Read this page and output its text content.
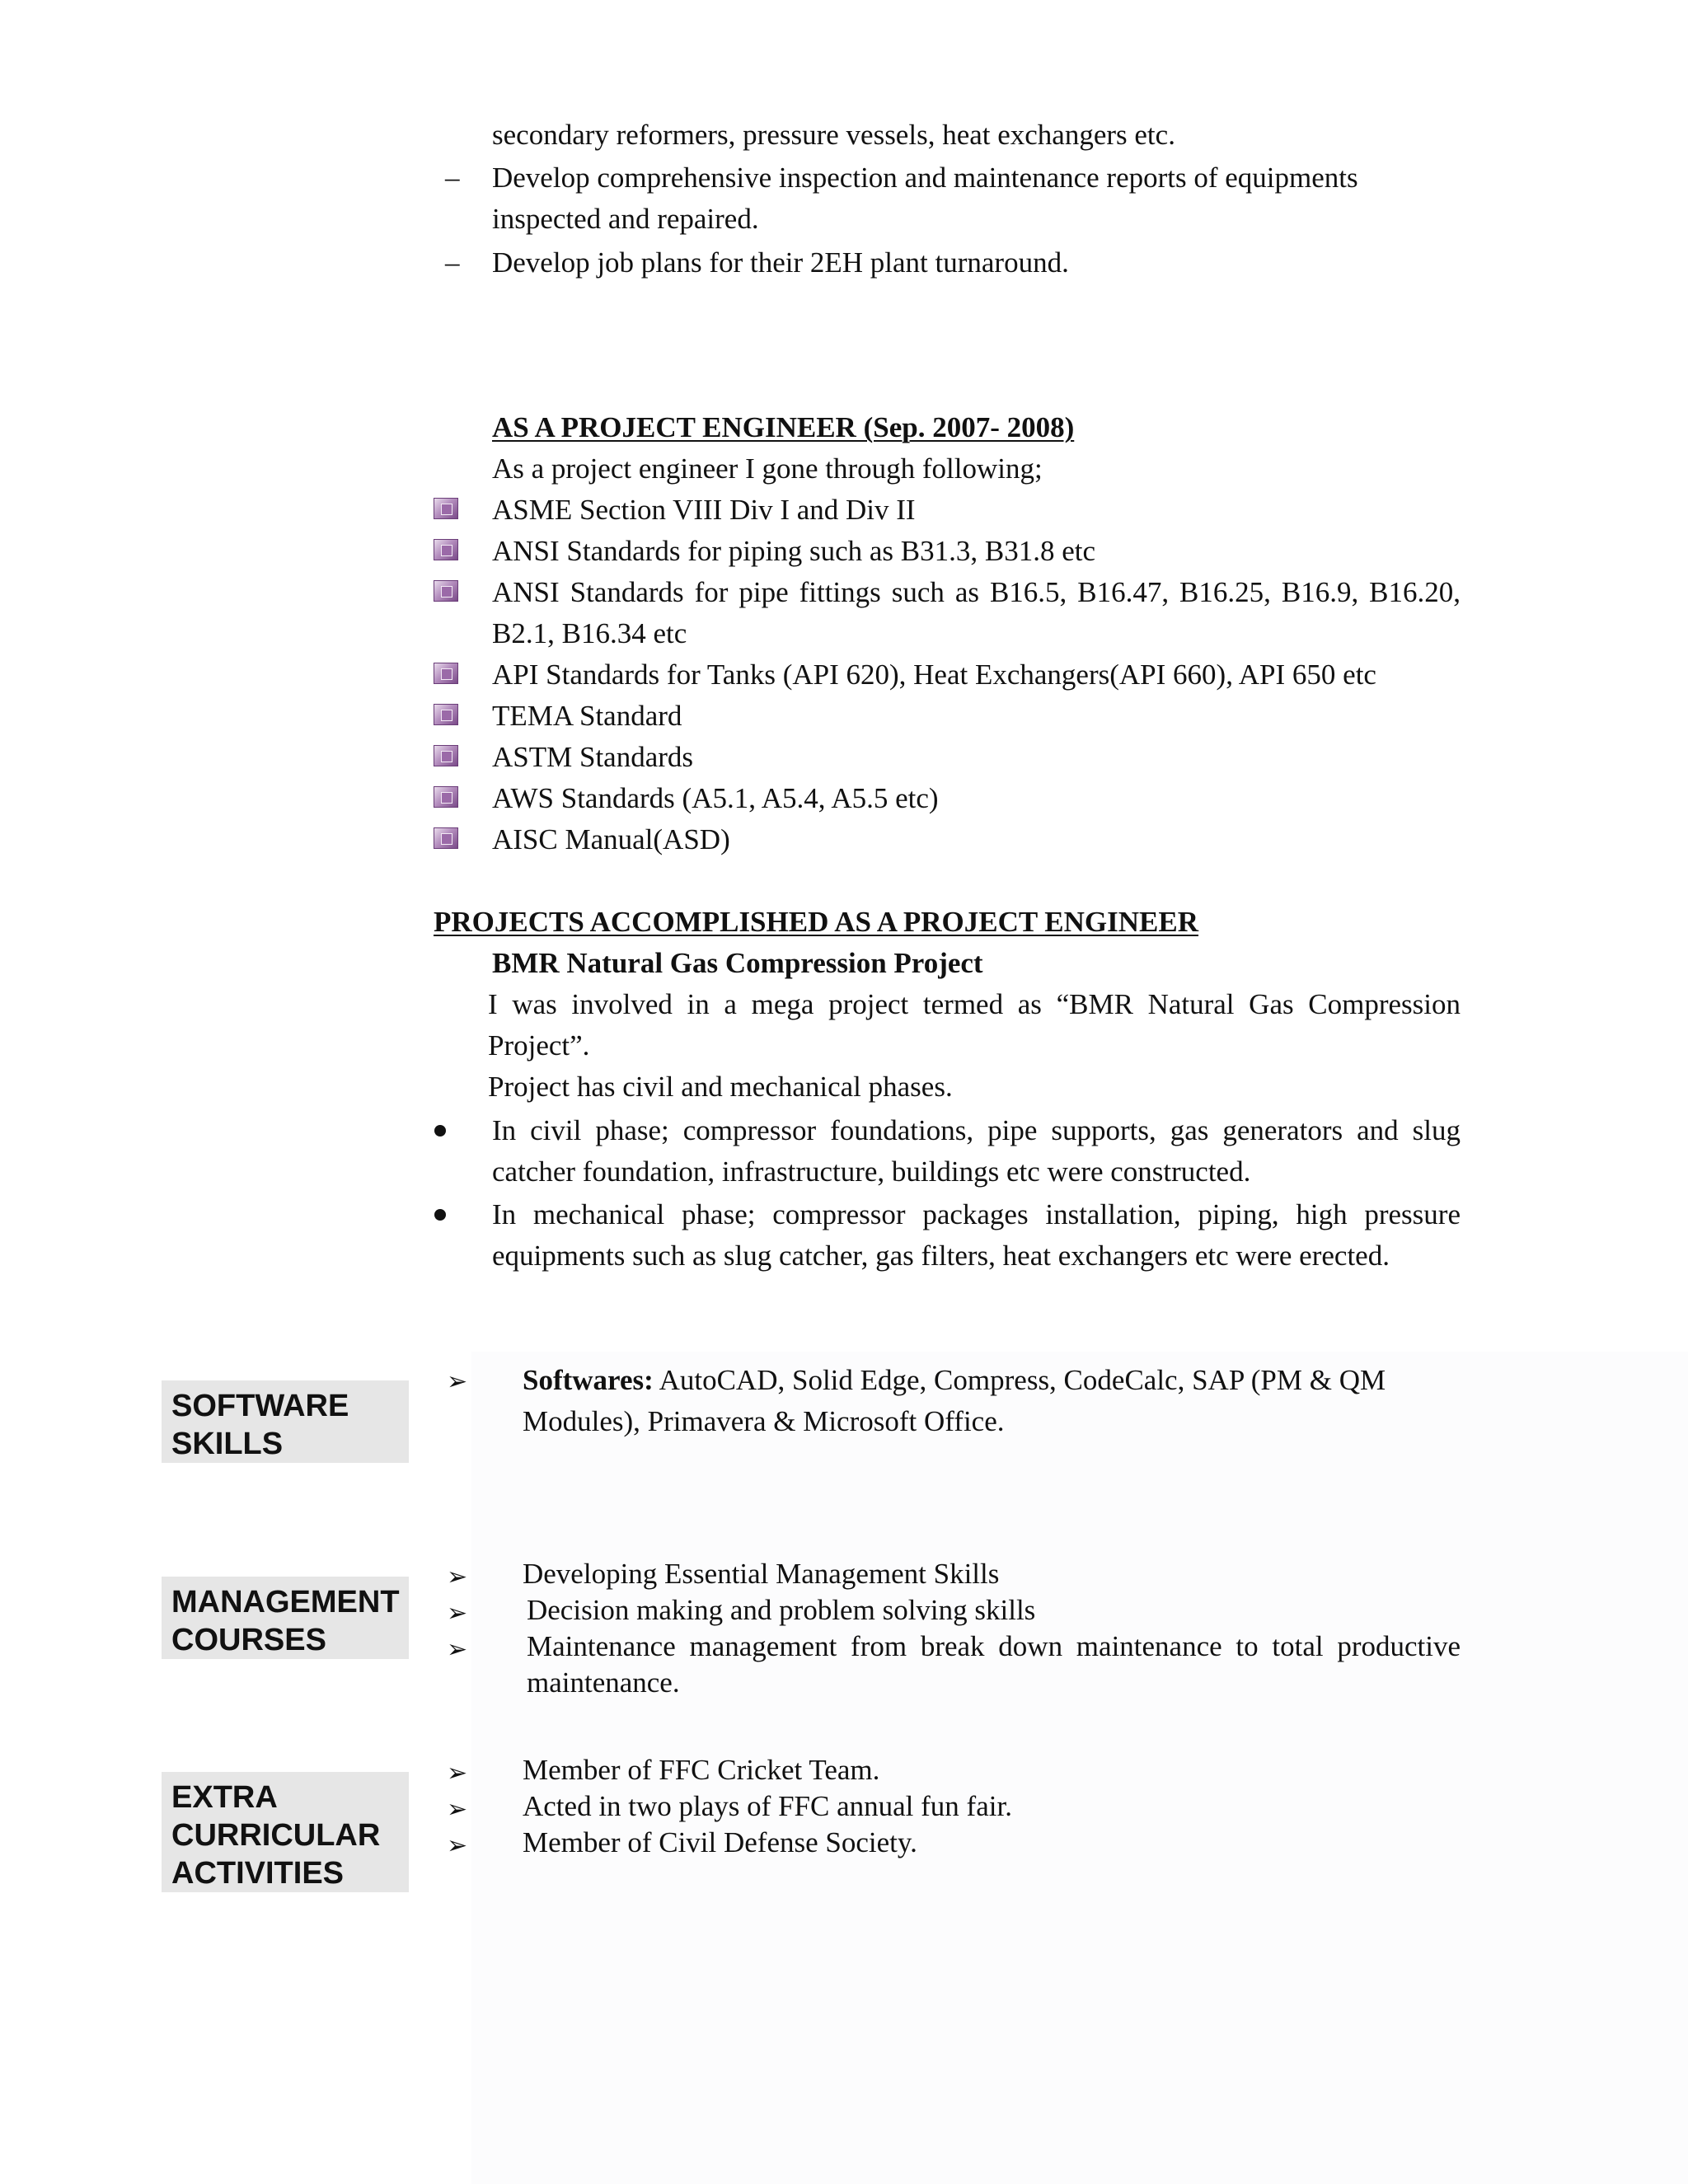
secondary reformers, pressure vessels, heat exchangers etc.
– Develop comprehensive inspection and maintenance reports of equipments inspected and repaired.
– Develop job plans for their 2EH plant turnaround.
AS A PROJECT ENGINEER (Sep. 2007- 2008)
As a project engineer I gone through following;
ASME Section VIII Div I and Div II
ANSI Standards for piping such as B31.3, B31.8 etc
ANSI Standards for pipe fittings such as B16.5, B16.47, B16.25, B16.9, B16.20, B2.1, B16.34 etc
API Standards for Tanks (API 620), Heat Exchangers(API 660), API 650 etc
TEMA Standard
ASTM Standards
AWS Standards (A5.1, A5.4, A5.5 etc)
AISC Manual(ASD)
PROJECTS ACCOMPLISHED AS A PROJECT ENGINEER
BMR Natural Gas Compression Project
I was involved in a mega project termed as “BMR Natural Gas Compression Project”.
Project has civil and mechanical phases.
In civil phase; compressor foundations, pipe supports, gas generators and slug catcher foundation, infrastructure, buildings etc were constructed.
In mechanical phase; compressor packages installation, piping, high pressure equipments such as slug catcher, gas filters, heat exchangers etc were erected.
SOFTWARE
SKILLS
➢ Softwares: AutoCAD, Solid Edge, Compress, CodeCalc, SAP (PM & QM Modules), Primavera & Microsoft Office.
MANAGEMENT
COURSES
➢ Developing Essential Management Skills
➢ Decision making and problem solving skills
➢ Maintenance management from break down maintenance to total productive maintenance.
EXTRA
CURRICULAR
ACTIVITIES
➢ Member of FFC Cricket Team.
➢ Acted in two plays of FFC annual fun fair.
➢ Member of Civil Defense Society.
